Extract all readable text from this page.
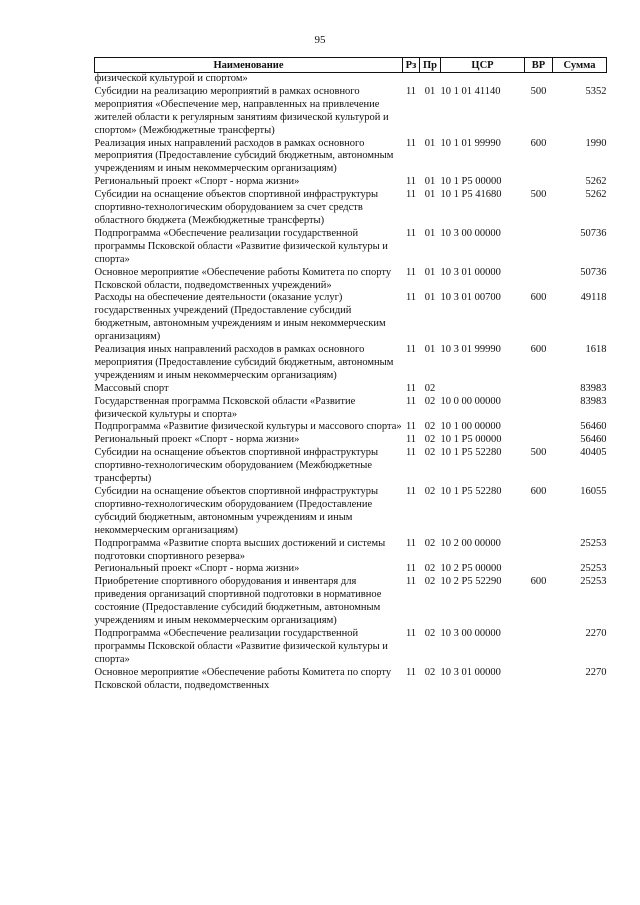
95
Наименование	Рз	Пр	ЦСР	ВР	Сумма
физической культурой и спортом»					
Субсидии на реализацию мероприятий в рамках основного мероприятия «Обеспечение мер, направленных на привлечение жителей области к регулярным занятиям физической культурой и спортом» (Межбюджетные трансферты)	11	01	10 1 01 41140	500	5352
Реализация иных направлений расходов в рамках основного мероприятия (Предоставление субсидий бюджетным, автономным учреждениям и иным некоммерческим организациям)	11	01	10 1 01 99990	600	1990
Региональный проект «Спорт - норма жизни»	11	01	10 1 P5 00000		5262
Субсидии на оснащение объектов спортивной инфраструктуры спортивно-технологическим оборудованием за счет средств областного бюджета (Межбюджетные трансферты)	11	01	10 1 P5 41680	500	5262
Подпрограмма «Обеспечение реализации государственной программы Псковской области «Развитие физической культуры и спорта»	11	01	10 3 00 00000		50736
Основное мероприятие «Обеспечение работы Комитета по спорту Псковской области, подведомственных учреждений»	11	01	10 3 01 00000		50736
Расходы на обеспечение деятельности (оказание услуг) государственных учреждений (Предоставление субсидий бюджетным, автономным учреждениям и иным некоммерческим организациям)	11	01	10 3 01 00700	600	49118
Реализация иных направлений расходов в рамках основного мероприятия (Предоставление субсидий бюджетным, автономным учреждениям и иным некоммерческим организациям)	11	01	10 3 01 99990	600	1618
Массовый спорт	11	02			83983
Государственная программа Псковской области «Развитие физической культуры и спорта»	11	02	10 0 00 00000		83983
Подпрограмма «Развитие физической культуры и массового спорта»	11	02	10 1 00 00000		56460
Региональный проект «Спорт - норма жизни»	11	02	10 1 P5 00000		56460
Субсидии на оснащение объектов спортивной инфраструктуры спортивно-технологическим оборудованием (Межбюджетные трансферты)	11	02	10 1 P5 52280	500	40405
Субсидии на оснащение объектов спортивной инфраструктуры спортивно-технологическим оборудованием (Предоставление субсидий бюджетным, автономным учреждениям и иным некоммерческим организациям)	11	02	10 1 P5 52280	600	16055
Подпрограмма «Развитие спорта высших достижений и системы подготовки спортивного резерва»	11	02	10 2 00 00000		25253
Региональный проект «Спорт - норма жизни»	11	02	10 2 P5 00000		25253
Приобретение спортивного оборудования и инвентаря для приведения организаций спортивной подготовки в нормативное состояние (Предоставление субсидий бюджетным, автономным учреждениям и иным некоммерческим организациям)	11	02	10 2 P5 52290	600	25253
Подпрограмма «Обеспечение реализации государственной программы Псковской области «Развитие физической культуры и спорта»	11	02	10 3 00 00000		2270
Основное мероприятие «Обеспечение работы Комитета по спорту Псковской области, подведомственных	11	02	10 3 01 00000		2270
